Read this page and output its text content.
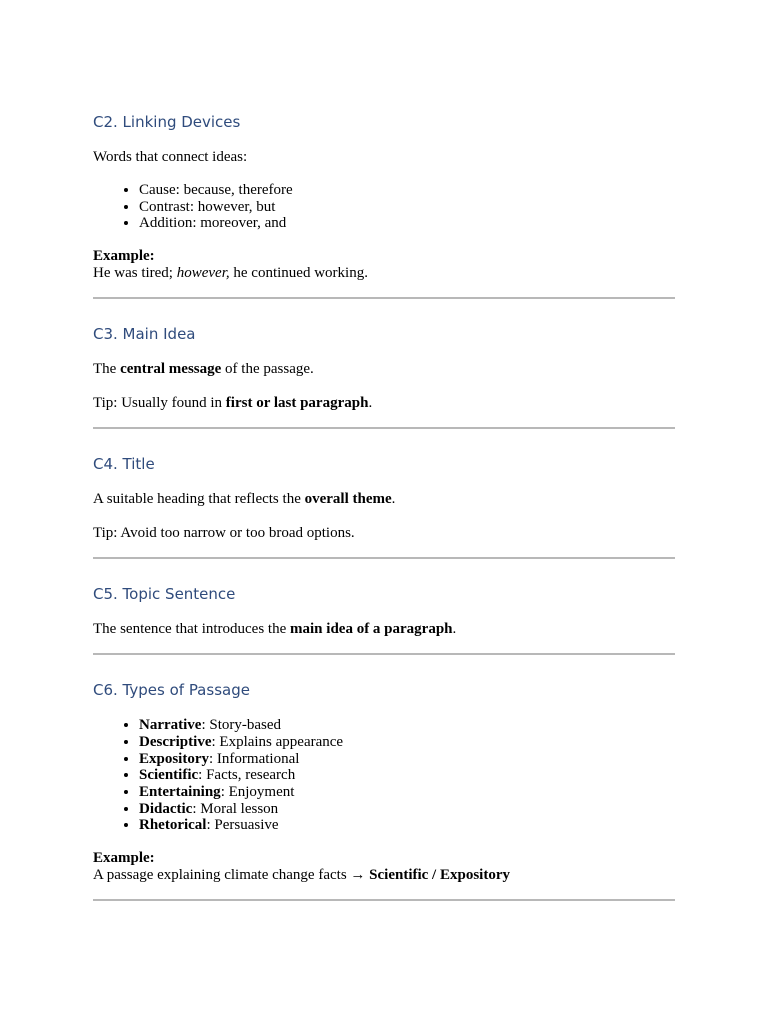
C2. Linking Devices

Words that connect ideas:

• Cause: because, therefore
• Contrast: however, but
• Addition: moreover, and

Example:

He was tired; however, he continued working.

C3. Main Idea

The central message of the passage.

Tip: Usually found in first or last paragraph.

C4. Title

A suitable heading that reflects the overall theme.

Tip: Avoid too narrow or too broad options.

C5. Topic Sentence

The sentence that introduces the main idea of a paragraph.

C6. Types of Passage
• Narrative: Story-based
• Descriptive: Explains appearance
• Expository: Informational
• Scientific: Facts, research
• Entertaining: Enjoyment
• Didactic: Moral lesson
• Rhetorical: Persuasive

Example:

A passage explaining climate change facts → Scientific / Expository
